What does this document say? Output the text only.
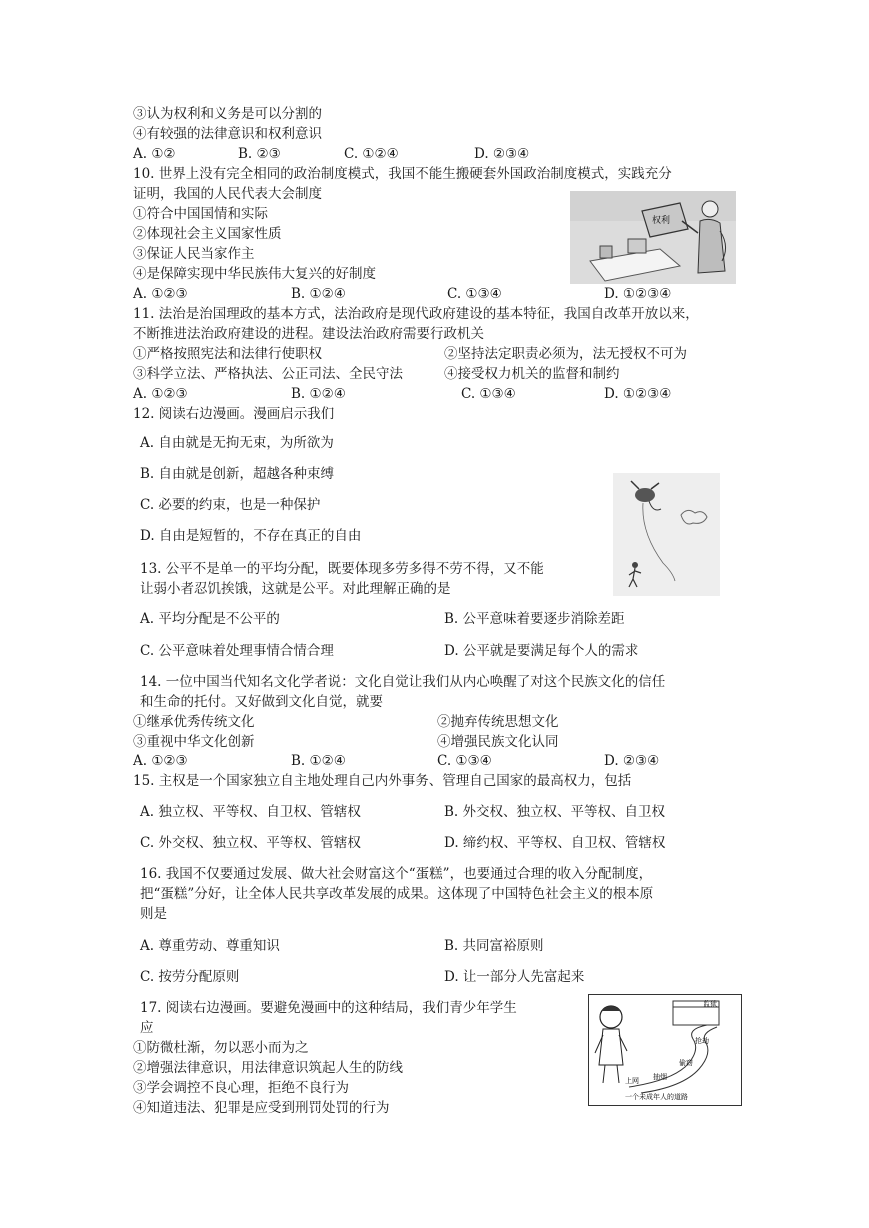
③认为权利和义务是可以分割的
④有较强的法律意识和权利意识
A. ①②	B. ②③	C. ①②④	D. ②③④
10. 世界上没有完全相同的政治制度模式，我国不能生搬硬套外国政治制度模式，实践充分
证明，我国的人民代表大会制度
①符合中国国情和实际
②体现社会主义国家性质
③保证人民当家作主
④是保障实现中华民族伟大复兴的好制度
A. ①②③	B. ①②④	C. ①③④	D. ①②③④
权利
11. 法治是治国理政的基本方式，法治政府是现代政府建设的基本特征，我国自改革开放以来，
不断推进法治政府建设的进程。建设法治政府需要行政机关
①严格按照宪法和法律行使职权	②坚持法定职责必须为，法无授权不可为
③科学立法、严格执法、公正司法、全民守法	④接受权力机关的监督和制约
A. ①②③	B. ①②④	C. ①③④	D. ①②③④
12. 阅读右边漫画。漫画启示我们
A. 自由就是无拘无束，为所欲为
B. 自由就是创新，超越各种束缚
C. 必要的约束，也是一种保护
D. 自由是短暂的，不存在真正的自由
13. 公平不是单一的平均分配，既要体现多劳多得不劳不得，又不能
让弱小者忍饥挨饿，这就是公平。对此理解正确的是
A. 平均分配是不公平的	B. 公平意味着要逐步消除差距
C. 公平意味着处理事情合情合理	D. 公平就是要满足每个人的需求
14. 一位中国当代知名文化学者说：文化自觉让我们从内心唤醒了对这个民族文化的信任
和生命的托付。又好做到文化自觉，就要
①继承优秀传统文化	②抛弃传统思想文化
③重视中华文化创新	④增强民族文化认同
A. ①②③	B. ①②④	C. ①③④	D. ②③④
15. 主权是一个国家独立自主地处理自己内外事务、管理自己国家的最高权力，包括
A. 独立权、平等权、自卫权、管辖权	B. 外交权、独立权、平等权、自卫权
C. 外交权、独立权、平等权、管辖权	D. 缔约权、平等权、自卫权、管辖权
16. 我国不仅要通过发展、做大社会财富这个“蛋糕”，也要通过合理的收入分配制度，
把“蛋糕”分好，让全体人民共享改革发展的成果。这体现了中国特色社会主义的根本原
则是
A. 尊重劳动、尊重知识	B. 共同富裕原则
C. 按劳分配原则	D. 让一部分人先富起来
17. 阅读右边漫画。要避免漫画中的这种结局，我们青少年学生
应
①防微杜渐，勿以恶小而为之
②增强法律意识，用法律意识筑起人生的防线
③学会调控不良心理，拒绝不良行为
④知道违法、犯罪是应受到刑罚处罚的行为
监狱
上网 抽烟
偷窃
抢劫
一个未成年人的道路
